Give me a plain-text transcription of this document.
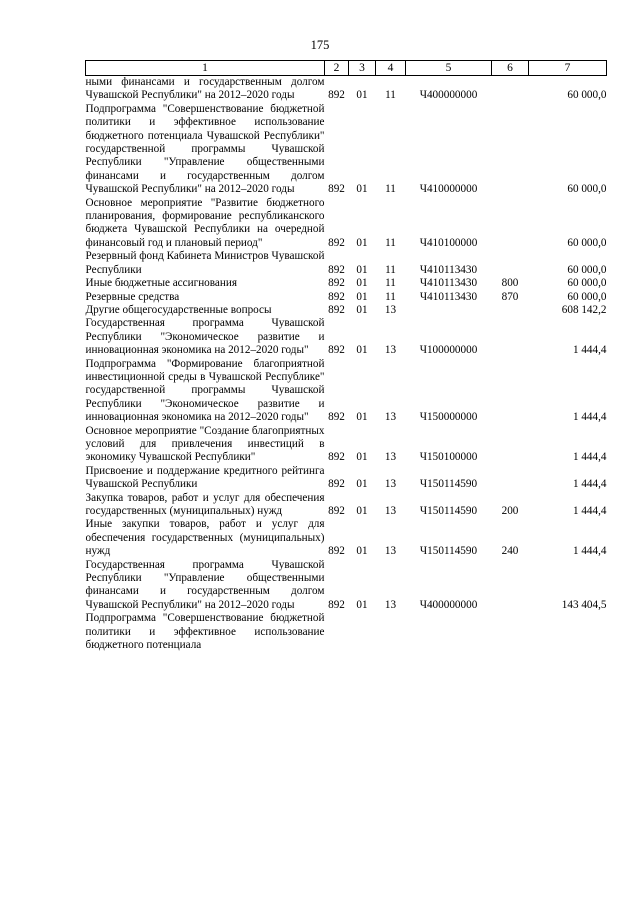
175
1	2	3	4	5	6	7
ными финансами и государственным долгом Чувашской Республики" на 2012–2020 годы	892	01	11	Ч400000000		60 000,0
Подпрограмма "Совершенствование бюджетной политики и эффективное использование бюджетного потенциала Чувашской Республики" государственной программы Чувашской Республики "Управление общественными финансами и государственным долгом Чувашской Республики" на 2012–2020 годы	892	01	11	Ч410000000		60 000,0
Основное мероприятие "Развитие бюджетного планирования, формирование республиканского бюджета Чувашской Республики на очередной финансовый год и плановый период"	892	01	11	Ч410100000		60 000,0
Резервный фонд Кабинета Министров Чувашской Республики	892	01	11	Ч410113430		60 000,0
Иные бюджетные ассигнования	892	01	11	Ч410113430	800	60 000,0
Резервные средства	892	01	11	Ч410113430	870	60 000,0
Другие общегосударственные вопросы	892	01	13			608 142,2
Государственная программа Чувашской Республики "Экономическое развитие и инновационная экономика на 2012–2020 годы"	892	01	13	Ч100000000		1 444,4
Подпрограмма "Формирование благоприятной инвестиционной среды в Чувашской Республике" государственной программы Чувашской Республики "Экономическое развитие и инновационная экономика на 2012–2020 годы"	892	01	13	Ч150000000		1 444,4
Основное мероприятие "Создание благоприятных условий для привлечения инвестиций в экономику Чувашской Республики"	892	01	13	Ч150100000		1 444,4
Присвоение и поддержание кредитного рейтинга Чувашской Республики	892	01	13	Ч150114590		1 444,4
Закупка товаров, работ и услуг для обеспечения государственных (муниципальных) нужд	892	01	13	Ч150114590	200	1 444,4
Иные закупки товаров, работ и услуг для обеспечения государственных (муниципальных) нужд	892	01	13	Ч150114590	240	1 444,4
Государственная программа Чувашской Республики "Управление общественными финансами и государственным долгом Чувашской Республики" на 2012–2020 годы	892	01	13	Ч400000000		143 404,5
Подпрограмма "Совершенствование бюджетной политики и эффективное использование бюджетного потенциала						
